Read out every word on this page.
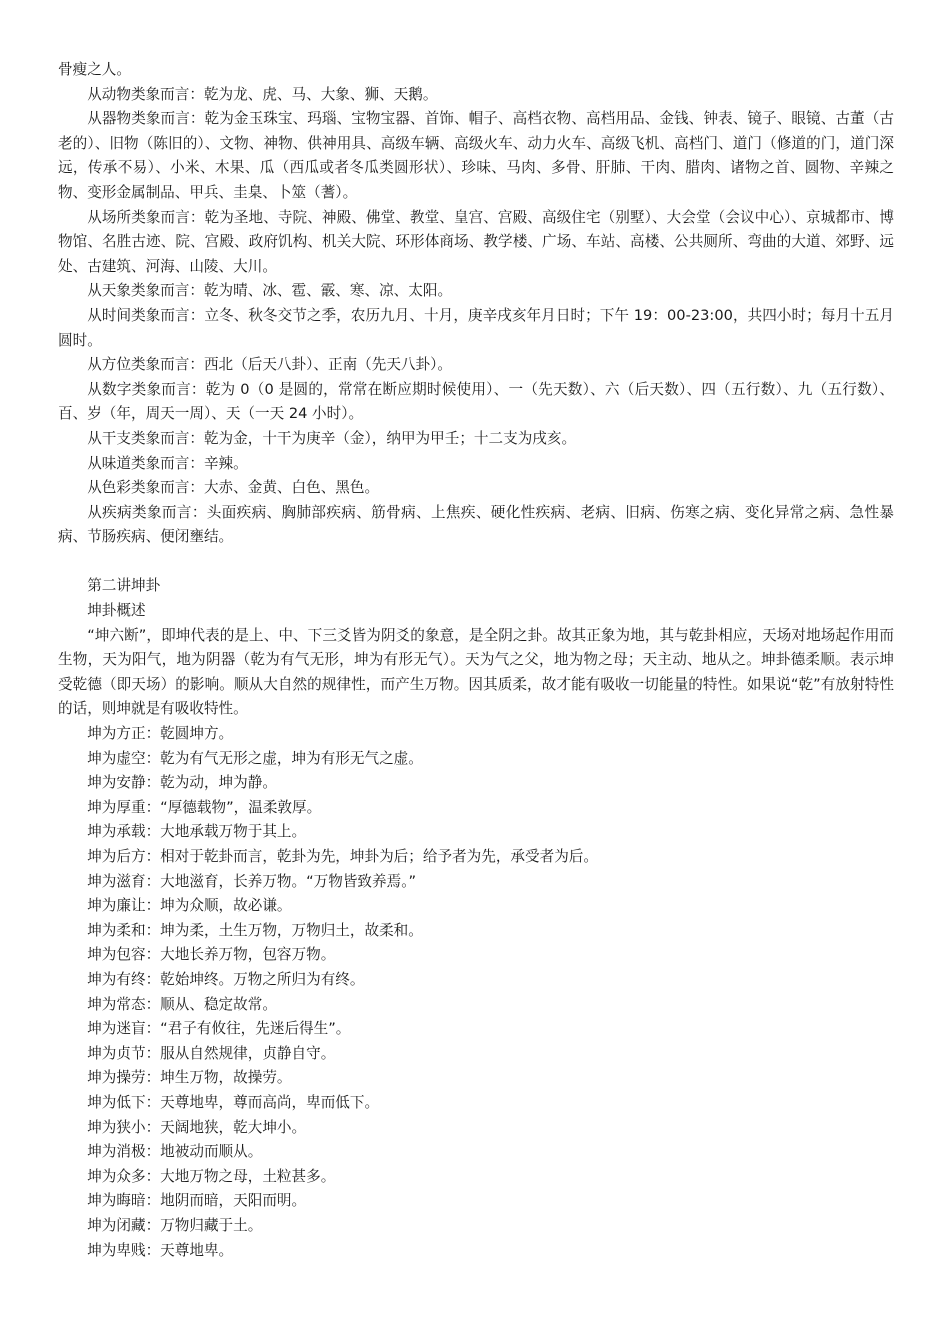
骨瘦之人。

从动物类象而言：乾为龙、虎、马、大象、狮、天鹅。

从器物类象而言：乾为金玉珠宝、玛瑙、宝物宝器、首饰、帽子、高档衣物、高档用品、金钱、钟表、镜子、眼镜、古董（古老的）、旧物（陈旧的）、文物、神物、供神用具、高级车辆、高级火车、动力火车、高级飞机、高档门、道门（修道的门，道门深远，传承不易）、小米、木果、瓜（西瓜或者冬瓜类圆形状）、珍味、马肉、多骨、肝肺、干肉、腊肉、诸物之首、圆物、辛辣之物、变形金属制品、甲兵、圭臬、卜筮（蓍）。

从场所类象而言：乾为圣地、寺院、神殿、佛堂、教堂、皇宫、宫殿、高级住宅（别墅）、大会堂（会议中心）、京城都市、博物馆、名胜古迹、院、宫殿、政府饥构、机关大院、环形体商场、教学楼、广场、车站、高楼、公共厕所、弯曲的大道、郊野、远处、古建筑、河海、山陵、大川。

从天象类象而言：乾为晴、冰、雹、霰、寒、凉、太阳。

从时间类象而言：立冬、秋冬交节之季，农历九月、十月，庚辛戌亥年月日时；下午 19：00-23:00，共四小时；每月十五月圆时。

从方位类象而言：西北（后天八卦）、正南（先天八卦）。

从数字类象而言：乾为 0（0 是圆的，常常在断应期时候使用）、一（先天数）、六（后天数）、四（五行数）、九（五行数）、百、岁（年，周天一周）、天（一天 24 小时）。

从干支类象而言：乾为金，十干为庚辛（金），纳甲为甲壬；十二支为戌亥。

从味道类象而言：辛辣。

从色彩类象而言：大赤、金黄、白色、黑色。

从疾病类象而言：头面疾病、胸肺部疾病、筋骨病、上焦疾、硬化性疾病、老病、旧病、伤寒之病、变化异常之病、急性暴病、节肠疾病、便闭壅结。

第二讲坤卦

坤卦概述

“坤六断”，即坤代表的是上、中、下三爻皆为阴爻的象意，是全阴之卦。故其正象为地，其与乾卦相应，天场对地场起作用而生物，天为阳气，地为阴器（乾为有气无形，坤为有形无气）。天为气之父，地为物之母；天主动、地从之。坤卦德柔顺。表示坤受乾德（即天场）的影响。顺从大自然的规律性，而产生万物。因其质柔，故才能有吸收一切能量的特性。如果说“乾”有放射特性的话，则坤就是有吸收特性。

坤为方正：乾圆坤方。

坤为虚空：乾为有气无形之虚，坤为有形无气之虚。

坤为安静：乾为动，坤为静。

坤为厚重：“厚德载物”，温柔敦厚。

坤为承载：大地承载万物于其上。

坤为后方：相对于乾卦而言，乾卦为先，坤卦为后；给予者为先，承受者为后。

坤为滋育：大地滋育，长养万物。“万物皆致养焉。”

坤为廉让：坤为众顺，故必谦。

坤为柔和：坤为柔，土生万物，万物归土，故柔和。

坤为包容：大地长养万物，包容万物。

坤为有终：乾始坤终。万物之所归为有终。

坤为常态：顺从、稳定故常。

坤为迷盲：“君子有攸往，先迷后得生”。

坤为贞节：服从自然规律，贞静自守。

坤为操劳：坤生万物，故操劳。

坤为低下：天尊地卑，尊而高尚，卑而低下。

坤为狭小：天阔地狭，乾大坤小。

坤为消极：地被动而顺从。

坤为众多：大地万物之母，土粒甚多。

坤为晦暗：地阴而暗，天阳而明。

坤为闭藏：万物归藏于土。

坤为卑贱：天尊地卑。
